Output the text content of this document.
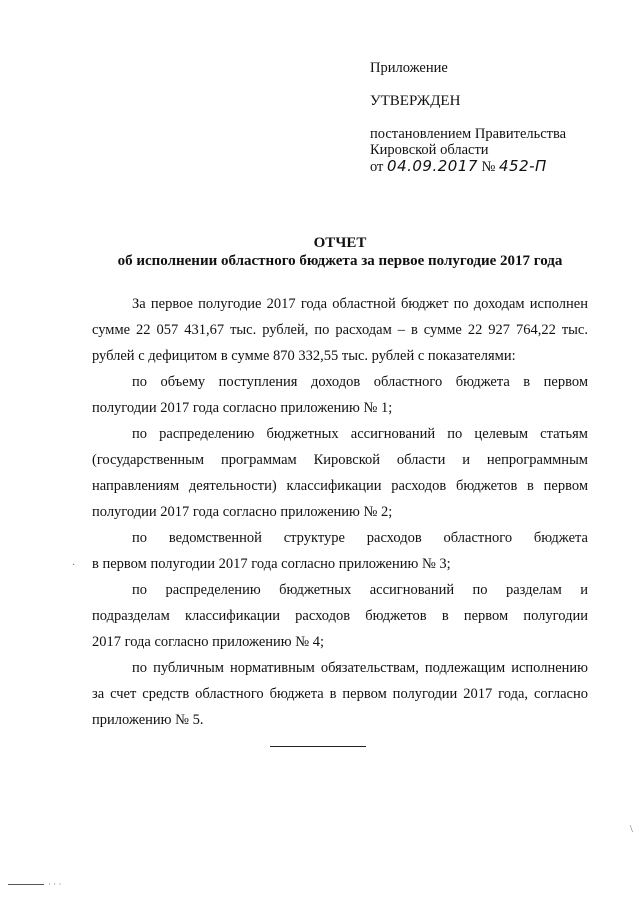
Приложение
УТВЕРЖДЕН
постановлением Правительства
Кировской области
от 04.09.2017 № 452-П
ОТЧЕТ
об исполнении областного бюджета за первое полугодие 2017 года
За первое полугодие 2017 года областной бюджет по доходам исполнен
сумме 22 057 431,67 тыс. рублей, по расходам – в сумме 22 927 764,22 тыс.
рублей с дефицитом в сумме 870 332,55 тыс. рублей с показателями:
по объему поступления доходов областного бюджета в первом
полугодии 2017 года согласно приложению № 1;
по распределению бюджетных ассигнований по целевым статьям
(государственным программам Кировской области и непрограммным
направлениям деятельности) классификации расходов бюджетов в первом
полугодии 2017 года согласно приложению № 2;
по ведомственной структуре расходов областного бюджета
в первом полугодии 2017 года согласно приложению № 3;
по распределению бюджетных ассигнований по разделам и
подразделам классификации расходов бюджетов в первом полугодии
2017 года согласно приложению № 4;
по публичным нормативным обязательствам, подлежащим исполнению
за счет средств областного бюджета в первом полугодии 2017 года, согласно
приложению № 5.
· · ·
·
\
